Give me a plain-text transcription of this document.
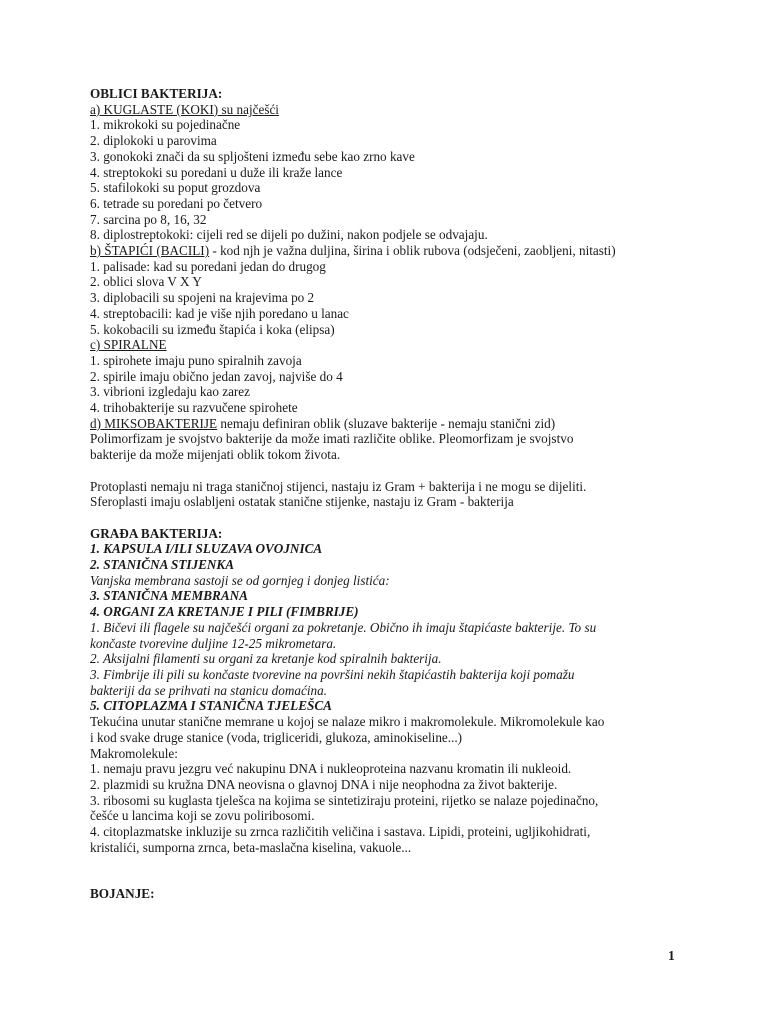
OBLICI BAKTERIJA:
a) KUGLASTE (KOKI) su najčešći
1. mikrokoki su pojedinačne
2. diplokoki u parovima
3. gonokoki znači da su spljošteni između sebe kao zrno kave
4. streptokoki su poredani u duže ili kraže lance
5. stafilokoki su poput grozdova
6. tetrade su poredani po četvero
7. sarcina po 8, 16, 32
8. diplostreptokoki: cijeli red se dijeli po dužini, nakon podjele se odvajaju.
b) ŠTAPIĆI (BACILI) - kod njh je važna duljina, širina i oblik rubova (odsječeni, zaobljeni, nitasti)
1. palisade: kad su poredani jedan do drugog
2. oblici slova V X Y
3. diplobacili su spojeni na krajevima po 2
4. streptobacili: kad je više njih poredano u lanac
5. kokobacili su između štapića i koka (elipsa)
c) SPIRALNE
1. spirohete imaju puno spiralnih zavoja
2. spirile imaju obično jedan zavoj, najviše do 4
3. vibrioni izgledaju kao zarez
4. trihobakterije su razvučene spirohete
d) MIKSOBAKTERIJE nemaju definiran oblik (sluzave bakterije - nemaju stanični zid)
Polimorfizam je svojstvo bakterije da može imati različite oblike. Pleomorfizam je svojstvo
bakterije da može mijenjati oblik tokom života.
Protoplasti nemaju ni traga staničnoj stijenci, nastaju iz Gram + bakterija i ne mogu se dijeliti.
Sferoplasti imaju oslabljeni ostatak stanične stijenke, nastaju iz Gram - bakterija
GRAĐA BAKTERIJA:
1. KAPSULA I/ILI SLUZAVA OVOJNICA
2. STANIČNA STIJENKA
Vanjska membrana sastoji se od gornjeg i donjeg listića:
3. STANIČNA MEMBRANA
4. ORGANI ZA KRETANJE I PILI (FIMBRIJE)
1. Bičevi ili flagele su najčešći organi za pokretanje. Obično ih imaju štapićaste bakterije. To su
končaste tvorevine duljine 12-25 mikrometara.
2. Aksijalni filamenti su organi za kretanje kod spiralnih bakterija.
3. Fimbrije ili pili su končaste tvorevine na površini nekih štapićastih bakterija koji pomažu
bakteriji da se prihvati na stanicu domaćina.
5. CITOPLAZMA I STANIČNA TJELEŠCA
Tekućina unutar stanične memrane u kojoj se nalaze mikro i makromolekule. Mikromolekule kao
i kod svake druge stanice (voda, trigliceridi, glukoza, aminokiseline...)
Makromolekule:
1. nemaju pravu jezgru već nakupinu DNA i nukleoproteina nazvanu kromatin ili nukleoid.
2. plazmidi su kružna DNA neovisna o glavnoj DNA i nije neophodna za život bakterije.
3. ribosomi su kuglasta tjelešca na kojima se sintetiziraju proteini, rijetko se nalaze pojedinačno,
češće u lancima koji se zovu poliribosomi.
4. citoplazmatske inkluzije su zrnca različitih veličina i sastava. Lipidi, proteini, ugljikohidrati,
kristalići, sumporna zrnca, beta-maslačna kiselina, vakuole...
BOJANJE:
1
